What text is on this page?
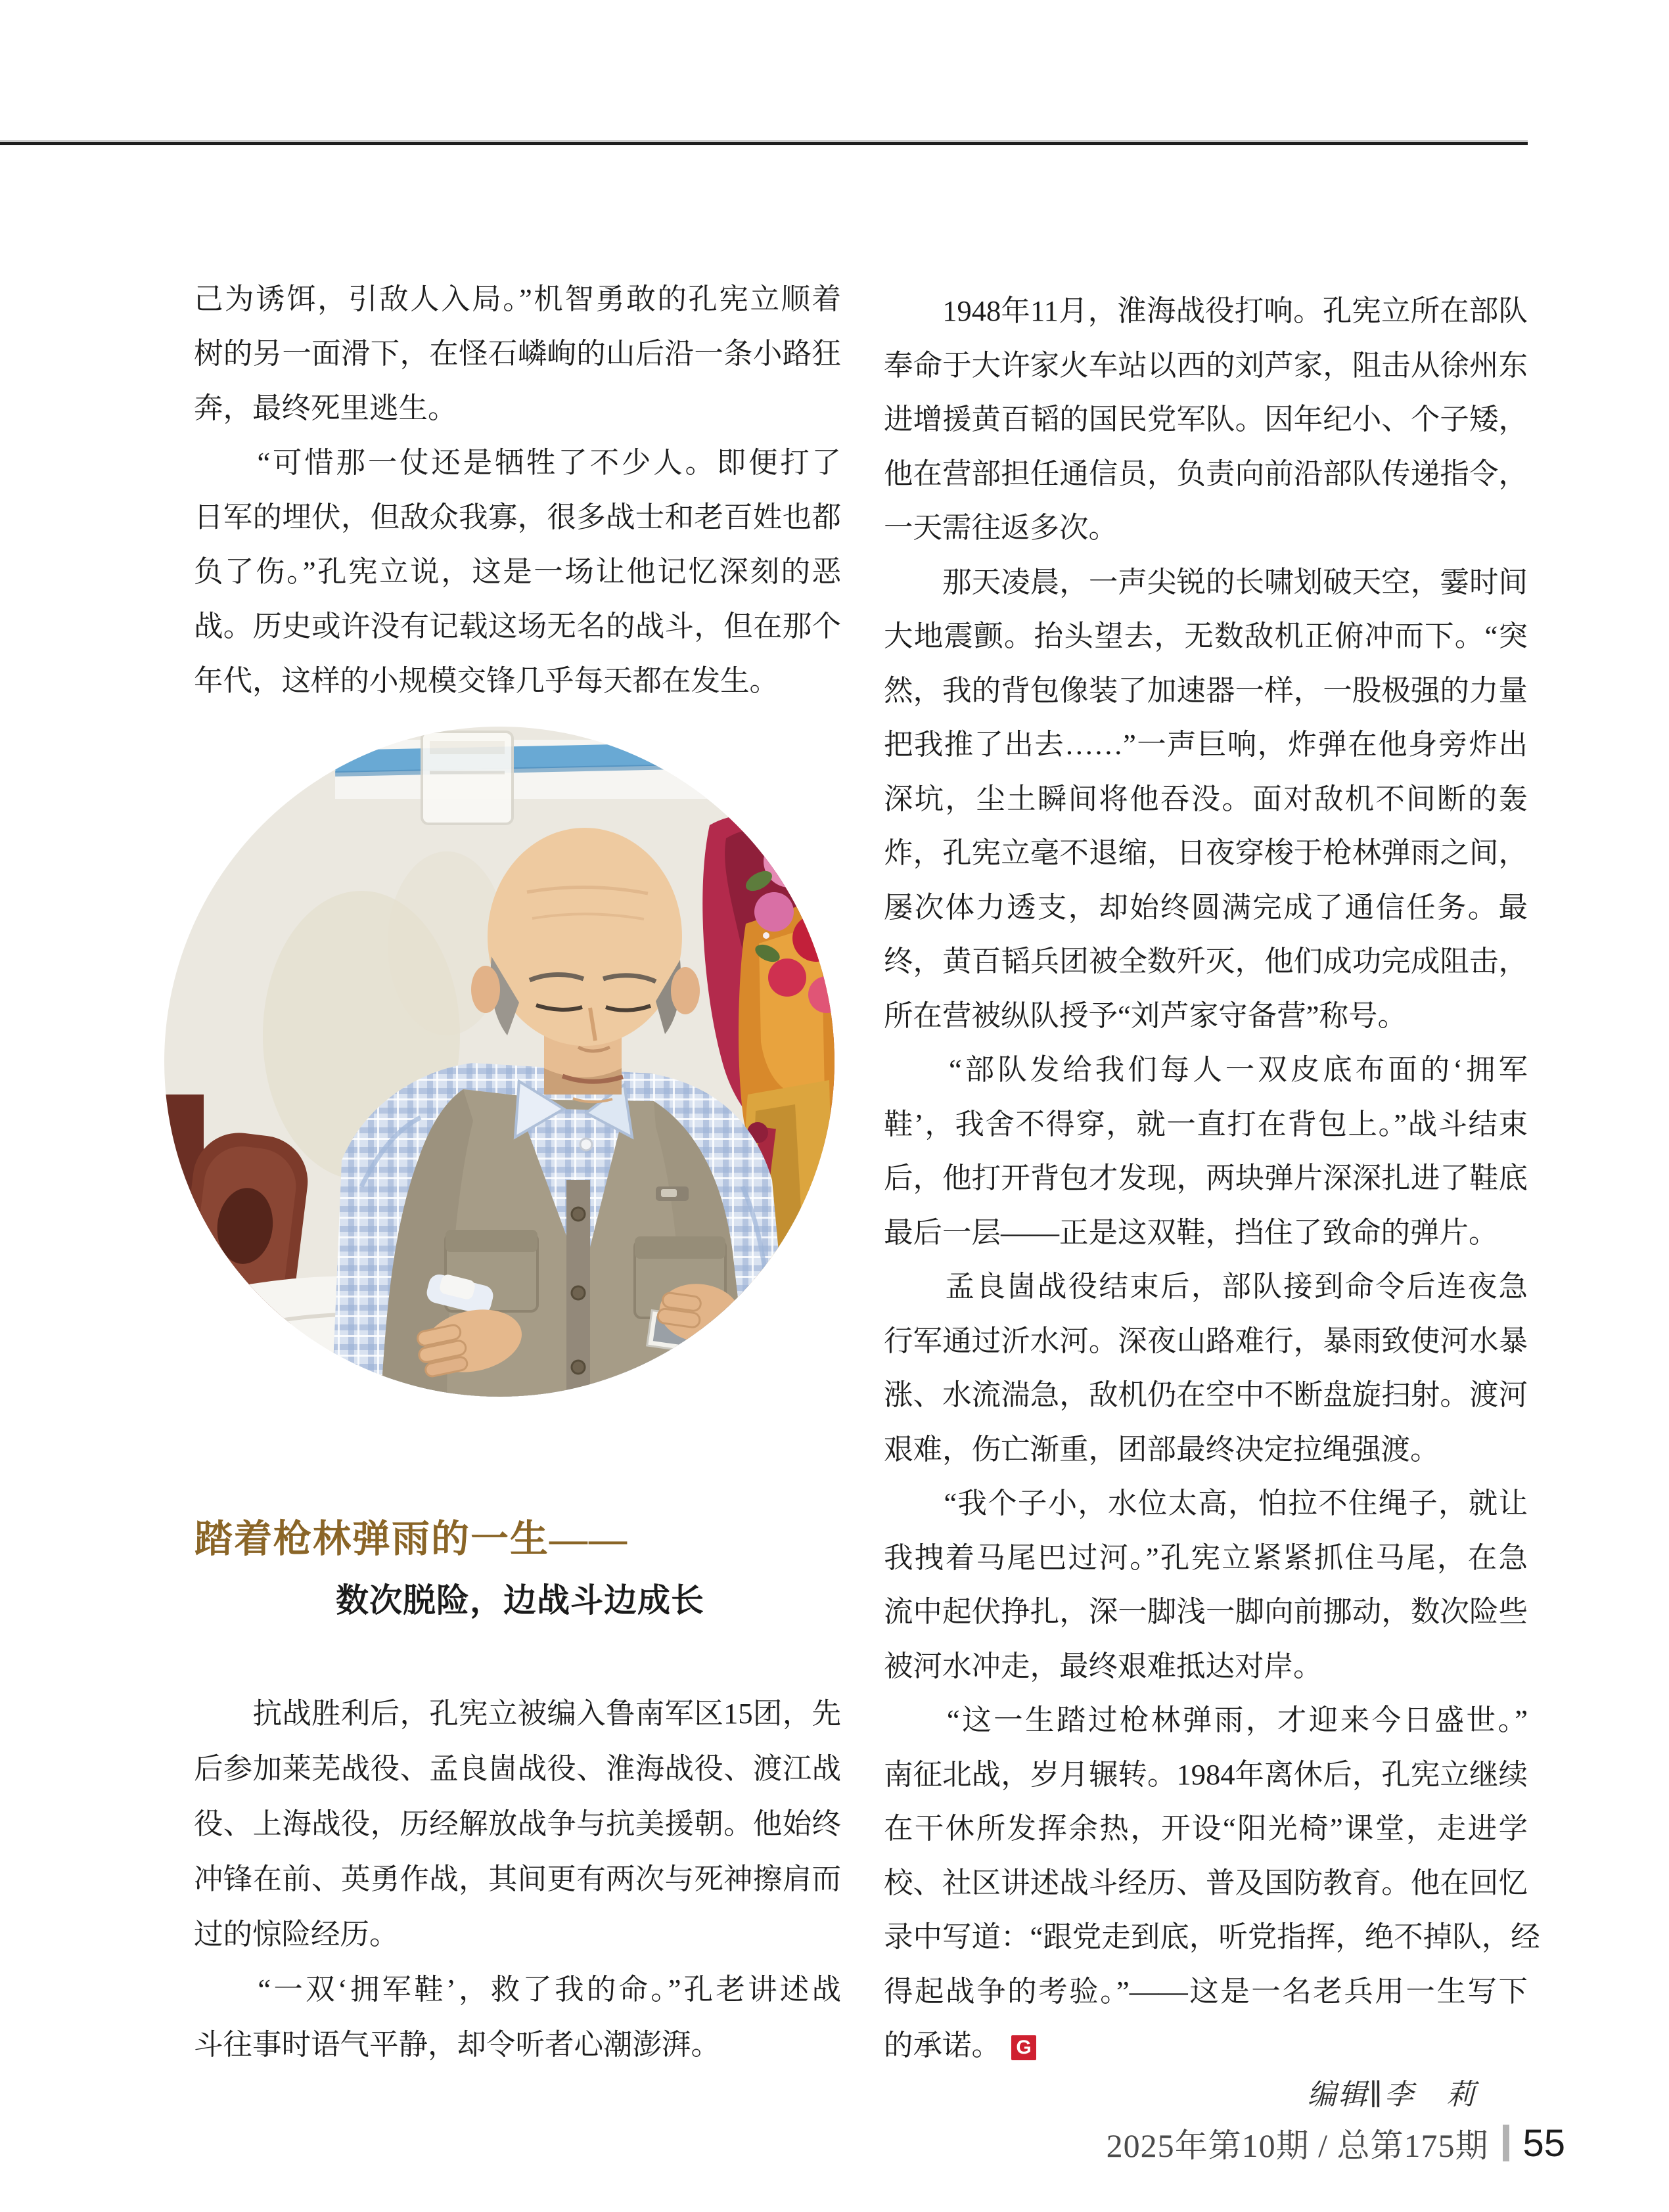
己为诱饵，引敌人入局。”机智勇敢的孔宪立顺着
树的另一面滑下，在怪石嶙峋的山后沿一条小路狂
奔，最终死里逃生。
　　“可惜那一仗还是牺牲了不少人。即便打了
日军的埋伏，但敌众我寡，很多战士和老百姓也都
负了伤。”孔宪立说，这是一场让他记忆深刻的恶
战。历史或许没有记载这场无名的战斗，但在那个
年代，这样的小规模交锋几乎每天都在发生。
踏着枪林弹雨的一生——
数次脱险，边战斗边成长
　　抗战胜利后，孔宪立被编入鲁南军区15团，先
后参加莱芜战役、孟良崮战役、淮海战役、渡江战
役、上海战役，历经解放战争与抗美援朝。他始终
冲锋在前、英勇作战，其间更有两次与死神擦肩而
过的惊险经历。
　　“一双‘拥军鞋’，救了我的命。”孔老讲述战
斗往事时语气平静，却令听者心潮澎湃。
　　1948年11月，淮海战役打响。孔宪立所在部队
奉命于大许家火车站以西的刘芦家，阻击从徐州东
进增援黄百韬的国民党军队。因年纪小、个子矮，
他在营部担任通信员，负责向前沿部队传递指令，
一天需往返多次。
　　那天凌晨，一声尖锐的长啸划破天空，霎时间
大地震颤。抬头望去，无数敌机正俯冲而下。“突
然，我的背包像装了加速器一样，一股极强的力量
把我推了出去……”一声巨响，炸弹在他身旁炸出
深坑，尘土瞬间将他吞没。面对敌机不间断的轰
炸，孔宪立毫不退缩，日夜穿梭于枪林弹雨之间，
屡次体力透支，却始终圆满完成了通信任务。最
终，黄百韬兵团被全数歼灭，他们成功完成阻击，
所在营被纵队授予“刘芦家守备营”称号。
　　“部队发给我们每人一双皮底布面的‘拥军
鞋’，我舍不得穿，就一直打在背包上。”战斗结束
后，他打开背包才发现，两块弹片深深扎进了鞋底
最后一层——正是这双鞋，挡住了致命的弹片。
　　孟良崮战役结束后，部队接到命令后连夜急
行军通过沂水河。深夜山路难行，暴雨致使河水暴
涨、水流湍急，敌机仍在空中不断盘旋扫射。渡河
艰难，伤亡渐重，团部最终决定拉绳强渡。
　　“我个子小，水位太高，怕拉不住绳子，就让
我拽着马尾巴过河。”孔宪立紧紧抓住马尾，在急
流中起伏挣扎，深一脚浅一脚向前挪动，数次险些
被河水冲走，最终艰难抵达对岸。
　　“这一生踏过枪林弹雨，才迎来今日盛世。”
南征北战，岁月辗转。1984年离休后，孔宪立继续
在干休所发挥余热，开设“阳光椅”课堂，走进学
校、社区讲述战斗经历、普及国防教育。他在回忆
录中写道：“跟党走到底，听党指挥，绝不掉队，经
得起战争的考验。”——这是一名老兵用一生写下
的承诺。 G
编辑∥李　莉
2025年第10期 / 总第175期 55
